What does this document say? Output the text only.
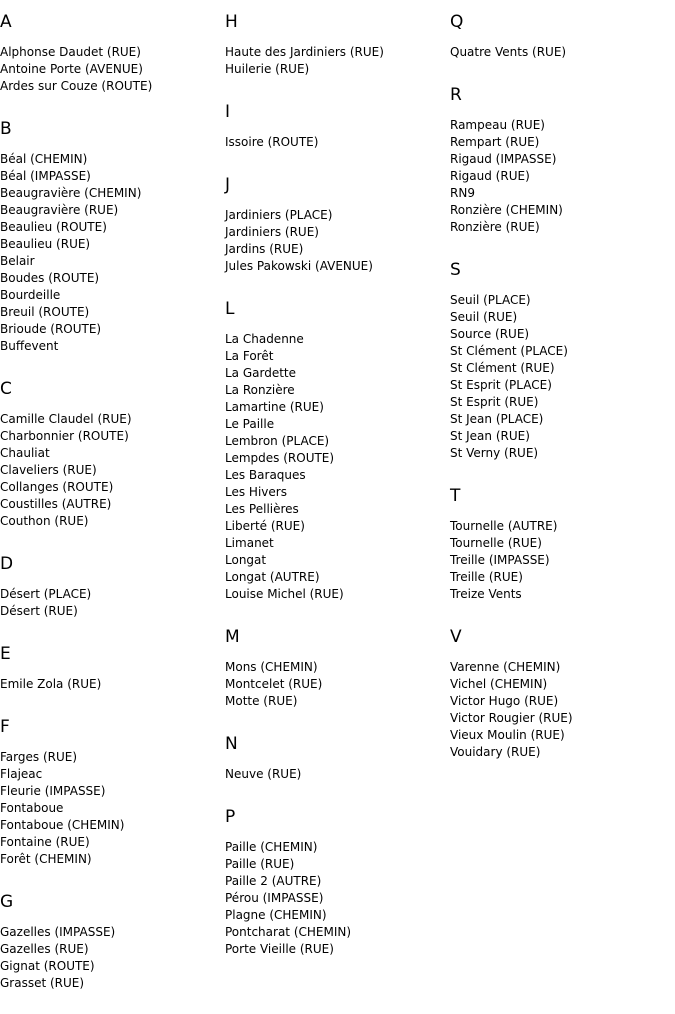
A
Alphonse Daudet (RUE)
Antoine Porte (AVENUE)
Ardes sur Couze (ROUTE)
B
Béal (CHEMIN)
Béal (IMPASSE)
Beaugravière (CHEMIN)
Beaugravière (RUE)
Beaulieu (ROUTE)
Beaulieu (RUE)
Belair
Boudes (ROUTE)
Bourdeille
Breuil (ROUTE)
Brioude (ROUTE)
Buffevent
C
Camille Claudel (RUE)
Charbonnier (ROUTE)
Chauliat
Claveliers (RUE)
Collanges (ROUTE)
Coustilles (AUTRE)
Couthon (RUE)
D
Désert (PLACE)
Désert (RUE)
E
Emile Zola (RUE)
F
Farges (RUE)
Flajeac
Fleurie (IMPASSE)
Fontaboue
Fontaboue (CHEMIN)
Fontaine (RUE)
Forêt (CHEMIN)
G
Gazelles (IMPASSE)
Gazelles (RUE)
Gignat (ROUTE)
Grasset (RUE)
H
Haute des Jardiniers (RUE)
Huilerie (RUE)
I
Issoire (ROUTE)
J
Jardiniers (PLACE)
Jardiniers (RUE)
Jardins (RUE)
Jules Pakowski (AVENUE)
L
La Chadenne
La Forêt
La Gardette
La Ronzière
Lamartine (RUE)
Le Paille
Lembron (PLACE)
Lempdes (ROUTE)
Les Baraques
Les Hivers
Les Pellières
Liberté (RUE)
Limanet
Longat
Longat (AUTRE)
Louise Michel (RUE)
M
Mons (CHEMIN)
Montcelet (RUE)
Motte (RUE)
N
Neuve (RUE)
P
Paille (CHEMIN)
Paille (RUE)
Paille 2 (AUTRE)
Pérou (IMPASSE)
Plagne (CHEMIN)
Pontcharat (CHEMIN)
Porte Vieille (RUE)
Q
Quatre Vents (RUE)
R
Rampeau (RUE)
Rempart (RUE)
Rigaud (IMPASSE)
Rigaud (RUE)
RN9
Ronzière (CHEMIN)
Ronzière (RUE)
S
Seuil (PLACE)
Seuil (RUE)
Source (RUE)
St Clément (PLACE)
St Clément (RUE)
St Esprit (PLACE)
St Esprit (RUE)
St Jean (PLACE)
St Jean (RUE)
St Verny (RUE)
T
Tournelle (AUTRE)
Tournelle (RUE)
Treille (IMPASSE)
Treille (RUE)
Treize Vents
V
Varenne (CHEMIN)
Vichel (CHEMIN)
Victor Hugo (RUE)
Victor Rougier (RUE)
Vieux Moulin (RUE)
Vouidary (RUE)
